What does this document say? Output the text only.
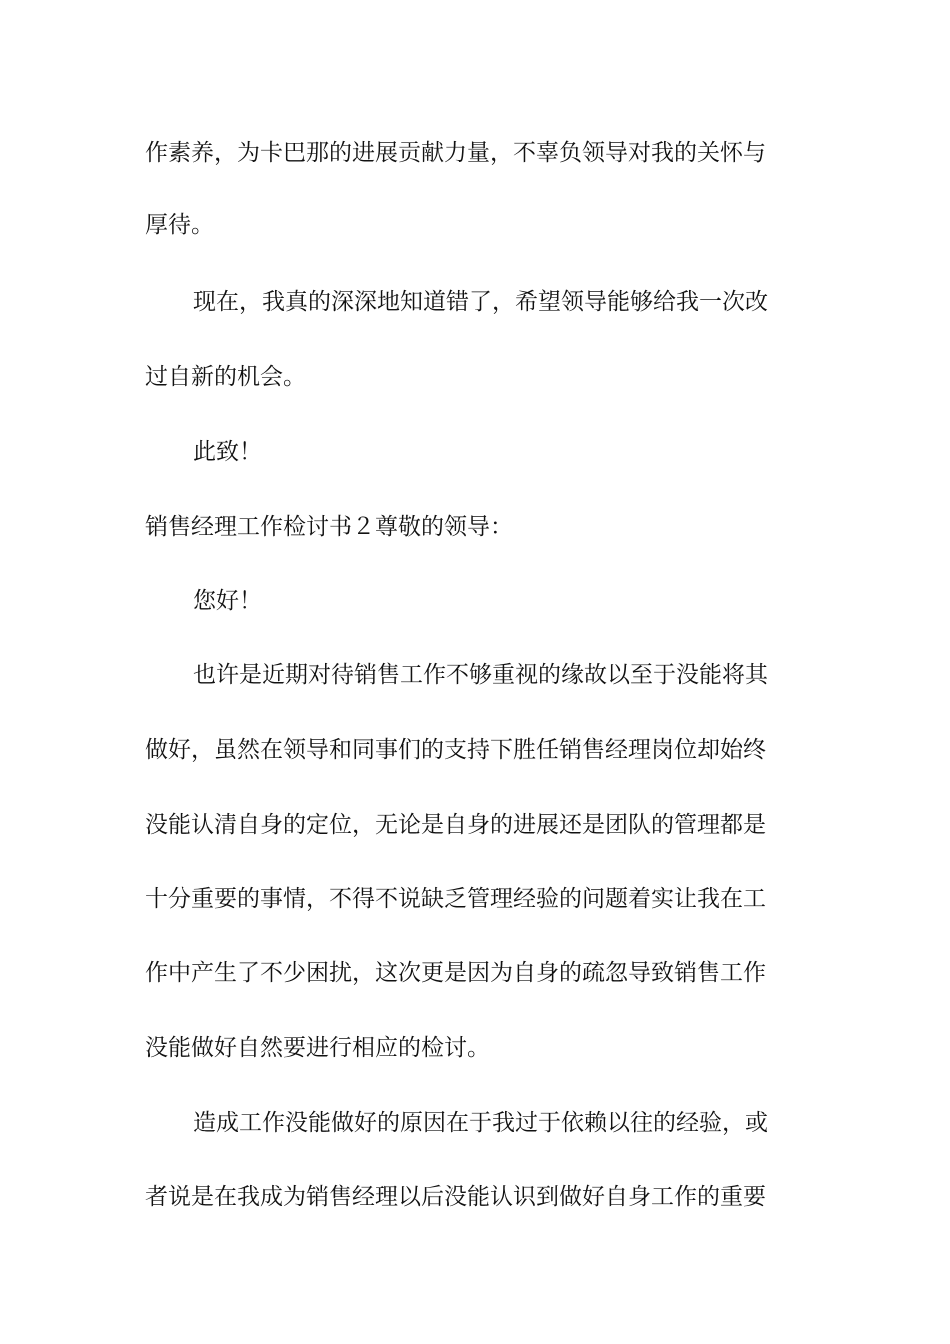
作素养，为卡巴那的进展贡献力量，不辜负领导对我的关怀与
厚待。
现在，我真的深深地知道错了，希望领导能够给我一次改
过自新的机会。
此致！
销售经理工作检讨书２尊敬的领导：
您好！
也许是近期对待销售工作不够重视的缘故以至于没能将其
做好，虽然在领导和同事们的支持下胜任销售经理岗位却始终
没能认清自身的定位，无论是自身的进展还是团队的管理都是
十分重要的事情，不得不说缺乏管理经验的问题着实让我在工
作中产生了不少困扰，这次更是因为自身的疏忽导致销售工作
没能做好自然要进行相应的检讨。
造成工作没能做好的原因在于我过于依赖以往的经验，或
者说是在我成为销售经理以后没能认识到做好自身工作的重要
